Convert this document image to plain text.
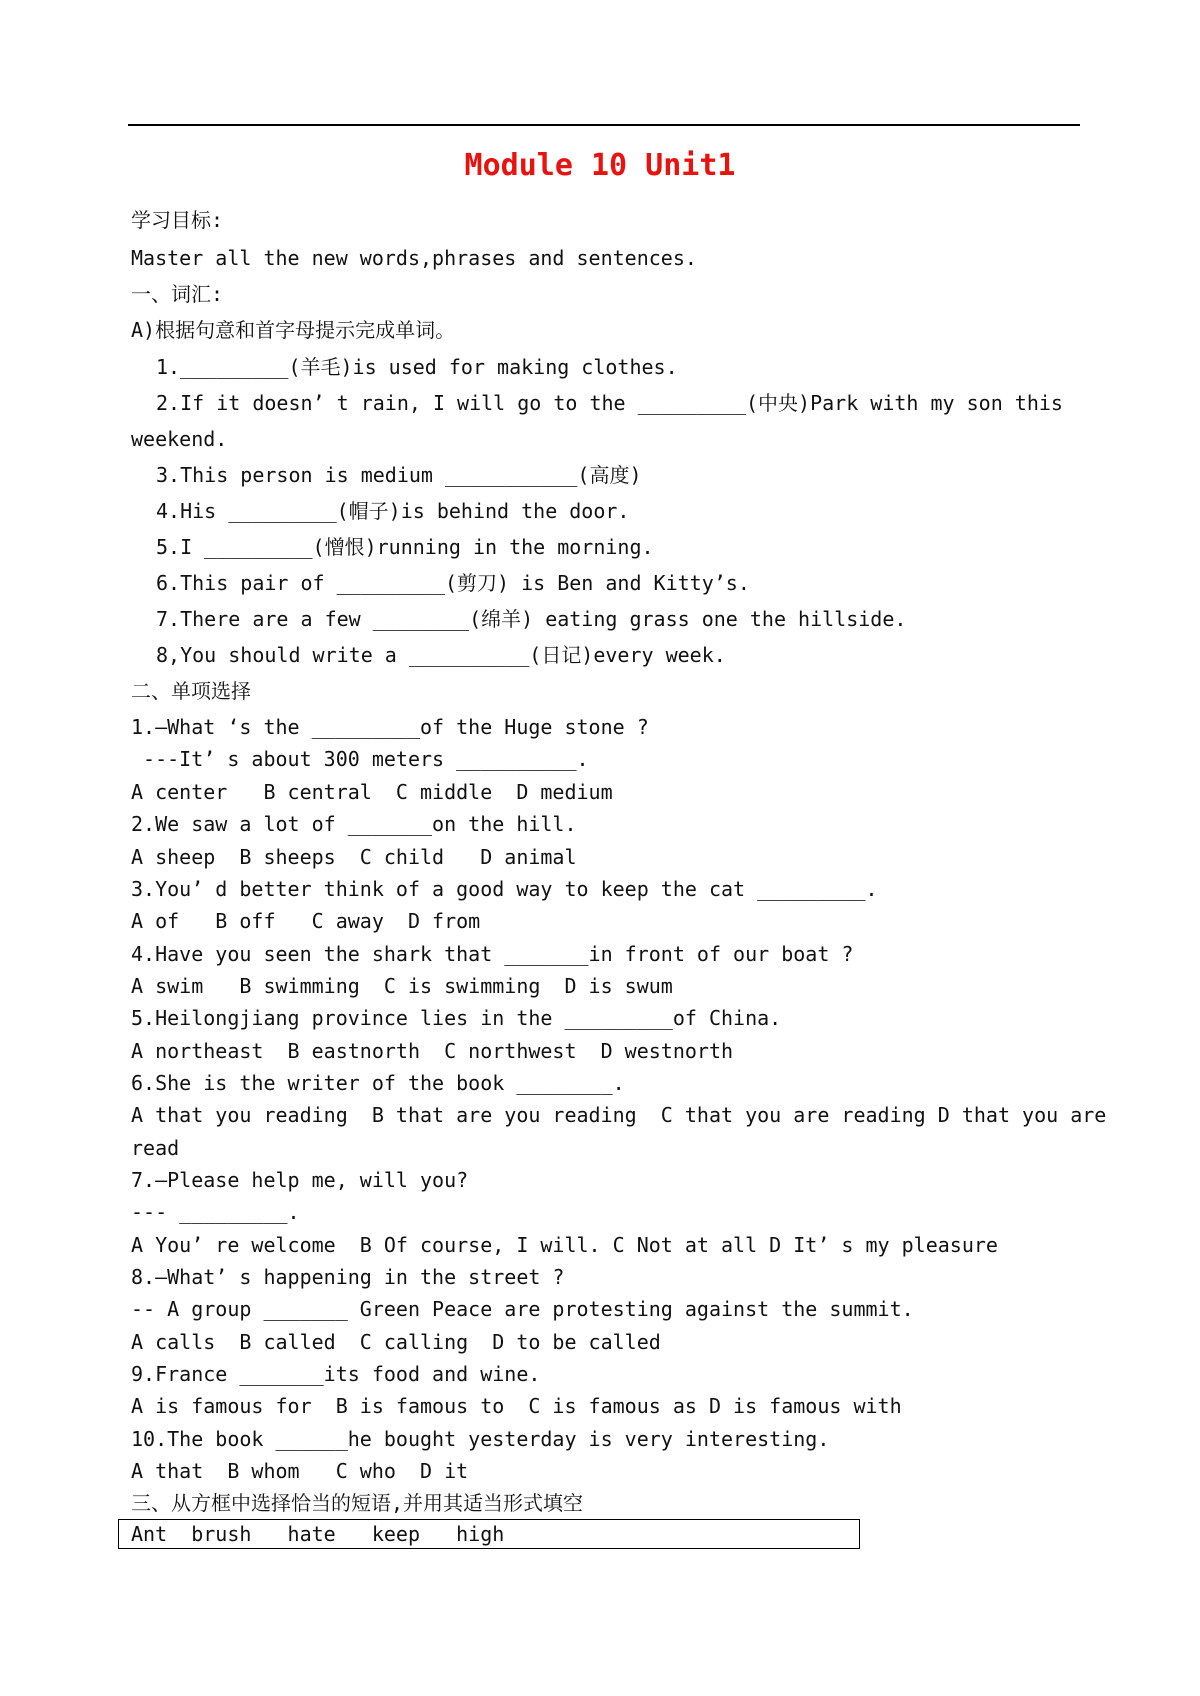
Module 10 Unit1
学习目标:
Master all the new words,phrases and sentences.
一、词汇:
A)根据句意和首字母提示完成单词。
1._________(羊毛)is used for making clothes.
2.If it doesn’ t rain, I will go to the _________(中央)Park with my son this
weekend.
3.This person is medium ___________(高度)
4.His _________(帽子)is behind the door.
5.I _________(憎恨)running in the morning.
6.This pair of _________(剪刀) is Ben and Kitty’s.
7.There are a few ________(绵羊) eating grass one the hillside.
8,You should write a __________(日记)every week.
二、单项选择
1.—What ‘s the _________of the Huge stone ?
---It’ s about 300 meters __________.
A center   B central  C middle  D medium
2.We saw a lot of _______on the hill.
A sheep  B sheeps  C child   D animal
3.You’ d better think of a good way to keep the cat _________.
A of   B off   C away  D from
4.Have you seen the shark that _______in front of our boat ?
A swim   B swimming  C is swimming  D is swum
5.Heilongjiang province lies in the _________of China.
A northeast  B eastnorth  C northwest  D westnorth
6.She is the writer of the book ________.
A that you reading  B that are you reading  C that you are reading D that you are
read
7.—Please help me, will you?
--- _________.
A You’ re welcome  B Of course, I will. C Not at all D It’ s my pleasure
8.—What’ s happening in the street ?
-- A group _______ Green Peace are protesting against the summit.
A calls  B called  C calling  D to be called
9.France _______its food and wine.
A is famous for  B is famous to  C is famous as D is famous with
10.The book ______he bought yesterday is very interesting.
A that  B whom   C who  D it
三、从方框中选择恰当的短语,并用其适当形式填空
Ant  brush   hate   keep   high
